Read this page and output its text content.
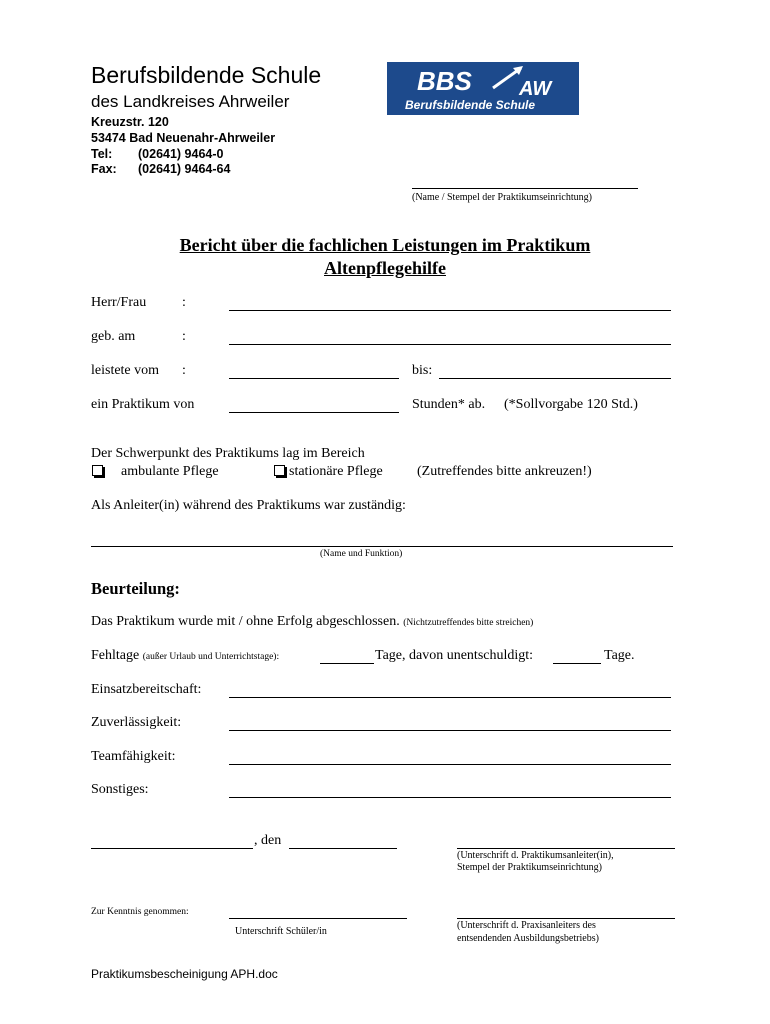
Berufsbildende Schule
des Landkreises Ahrweiler
Kreuzstr. 120
53474 Bad Neuenahr-Ahrweiler
Tel: (02641) 9464-0
Fax: (02641) 9464-64
BBS AW
Berufsbildende Schule
(Name / Stempel der Praktikumseinrichtung)
Bericht über die fachlichen Leistungen im Praktikum
Altenpflegehilfe
Herr/Frau	:
geb. am	:
leistete vom :	bis:
ein Praktikum von	Stunden* ab. (*Sollvorgabe 120 Std.)
Der Schwerpunkt des Praktikums lag im Bereich
ambulante Pflege	stationäre Pflege (Zutreffendes bitte ankreuzen!)
Als Anleiter(in) während des Praktikums war zuständig:
(Name und Funktion)
Beurteilung:
Das Praktikum wurde mit / ohne Erfolg abgeschlossen. (Nichtzutreffendes bitte streichen)
Fehltage (außer Urlaub und Unterrichtstage):	Tage, davon unentschuldigt:	Tage.
Einsatzbereitschaft:
Zuverlässigkeit:
Teamfähigkeit:
Sonstiges:
, den
(Unterschrift d. Praktikumsanleiter(in),
Stempel der Praktikumseinrichtung)
Zur Kenntnis genommen:
Unterschrift Schüler/in
(Unterschrift d. Praxisanleiters des
entsendenden Ausbildungsbetriebs)
Praktikumsbescheinigung APH.doc
